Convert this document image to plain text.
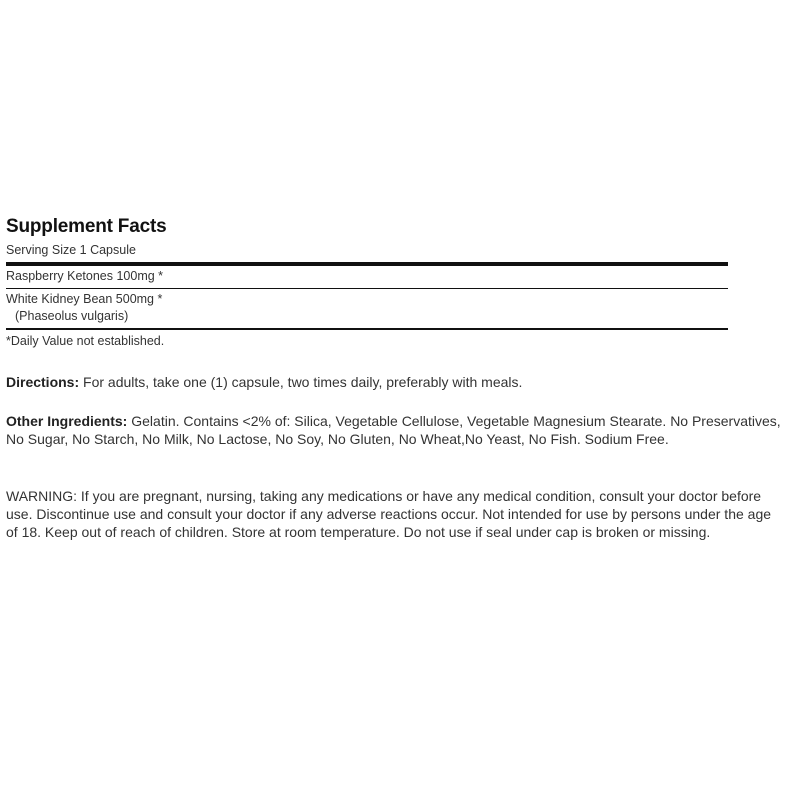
Supplement Facts
Serving Size 1 Capsule
Raspberry Ketones 100mg *
White Kidney Bean 500mg *
(Phaseolus vulgaris)
*Daily Value not established.
Directions: For adults, take one (1) capsule, two times daily, preferably with meals.
Other Ingredients: Gelatin. Contains <2% of: Silica, Vegetable Cellulose, Vegetable Magnesium Stearate. No Preservatives, No Sugar, No Starch, No Milk, No Lactose, No Soy, No Gluten, No Wheat,No Yeast, No Fish. Sodium Free.
WARNING: If you are pregnant, nursing, taking any medications or have any medical condition, consult your doctor before use. Discontinue use and consult your doctor if any adverse reactions occur. Not intended for use by persons under the age of 18. Keep out of reach of children. Store at room temperature. Do not use if seal under cap is broken or missing.
